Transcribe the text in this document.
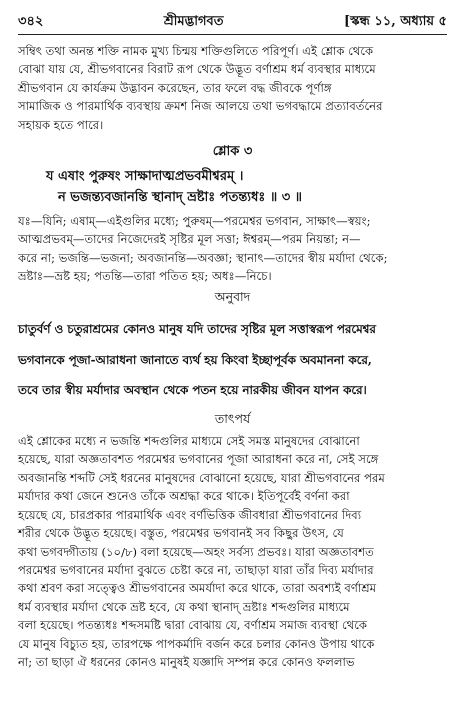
৩৪২	শ্রীমদ্ভাগবত	[স্কন্ধ ১১, অধ্যায় ৫

সম্বিৎ তথা অনন্ত শক্তি নামক মুখ্য চিন্ময় শক্তিগুলিতে পরিপূর্ণ। এই শ্লোক থেকে

বোঝা যায় যে, শ্রীভগবানের বিরাট রূপ থেকে উদ্ভূত বর্ণাশ্রম ধর্ম ব্যবস্থার মাধ্যমে

শ্রীভগবান যে কার্যক্রম উদ্ভাবন করেছেন, তার ফলে বদ্ধ জীবকে পূর্ণাঙ্গ

সামাজিক ও পারমার্থিক ব্যবস্থায় ক্রমশ নিজ আলয়ে তথা ভগবদ্ধামে প্রত্যাবর্তনের

সহায়ক হতে পারে।

শ্লোক ৩
য এষাং পুরুষং সাক্ষাদাত্মপ্রভবমীশ্বরম্ ।
ন ভজন্ত্যবজানন্তি স্থানাদ্ ভ্রষ্টাঃ পতন্ত্যধঃ ॥ ৩ ॥

যঃ—যিনি; এষাম্—এইগুলির মধ্যে; পুরুষম্—পরমেশ্বর ভগবান, সাক্ষাৎ—স্বয়ং;

আত্মপ্রভবম্—তাদের নিজেদেরই সৃষ্টির মূল সত্তা; ঈশ্বরম্—পরম নিয়ন্তা; ন—

করে না; ভজন্তি—ভজনা; অবজানন্তি—অবজ্ঞা; স্থানাৎ—তাদের স্বীয় মর্যাদা থেকে;

ভ্রষ্টাঃ—ভ্রষ্ট হয়; পতন্তি—তারা পতিত হয়; অধঃ—নিচে।

অনুবাদ

চাতুর্বর্ণ ও চতুরাশ্রমের কোনও মানুষ যদি তাদের সৃষ্টির মূল সত্তাস্বরূপ পরমেশ্বর

ভগবানকে পূজা-আরাধনা জানাতে ব্যর্থ হয় কিংবা ইচ্ছাপূর্বক অবমাননা করে,

তবে তার স্বীয় মর্যাদার অবস্থান থেকে পতন হয়ে নারকীয় জীবন যাপন করে।

তাৎপর্য

এই শ্লোকের মধ্যে ন ভজন্তি শব্দগুলির মাধ্যমে সেই সমস্ত মানুষদের বোঝানো

হয়েছে, যারা অজ্ঞতাবশত পরমেশ্বর ভগবানের পূজা আরাধনা করে না, সেই সঙ্গে

অবজানন্তি শব্দটি সেই ধরনের মানুষদের বোঝানো হয়েছে, যারা শ্রীভগবানের পরম

মর্যাদার কথা জেনে শুনেও তাঁকে অশ্রদ্ধা করে থাকে। ইতিপূর্বেই বর্ণনা করা

হয়েছে যে, চারপ্রকার পারমার্থিক এবং বর্ণভিত্তিক জীবধারা শ্রীভগবানের দিব্য

শরীর থেকে উদ্ভূত হয়েছে। বস্তুত, পরমেশ্বর ভগবানই সব কিছুর উৎস, যে

কথা ভগবদ্গীতায় (১০/৮) বলা হয়েছে—অহং সর্বস্য প্রভবঃ। যারা অজ্ঞতাবশত

পরমেশ্বর ভগবানের মর্যাদা বুঝতে চেষ্টা করে না, তাছাড়া যারা তাঁর দিব্য মর্যাদার

কথা শ্রবণ করা সত্ত্বেও শ্রীভগবানের অমর্যাদা করে থাকে, তারা অবশ্যই বর্ণাশ্রম

ধর্ম ব্যবস্থার মর্যাদা থেকে ভ্রষ্ট হবে, যে কথা স্থানাদ্ ভ্রষ্টাঃ শব্দগুলির মাধ্যমে

বলা হয়েছে। পতন্ত্যধঃ শব্দসমষ্টি দ্বারা বোঝায় যে, বর্ণাশ্রম সমাজ ব্যবস্থা থেকে

যে মানুষ বিচ্যুত হয়, তারপক্ষে পাপকর্মাদি বর্জন করে চলার কোনও উপায় থাকে

না; তা ছাড়া ঐ ধরনের কোনও মানুষই যজ্ঞাদি সম্পন্ন করে কোনও ফললাভ
